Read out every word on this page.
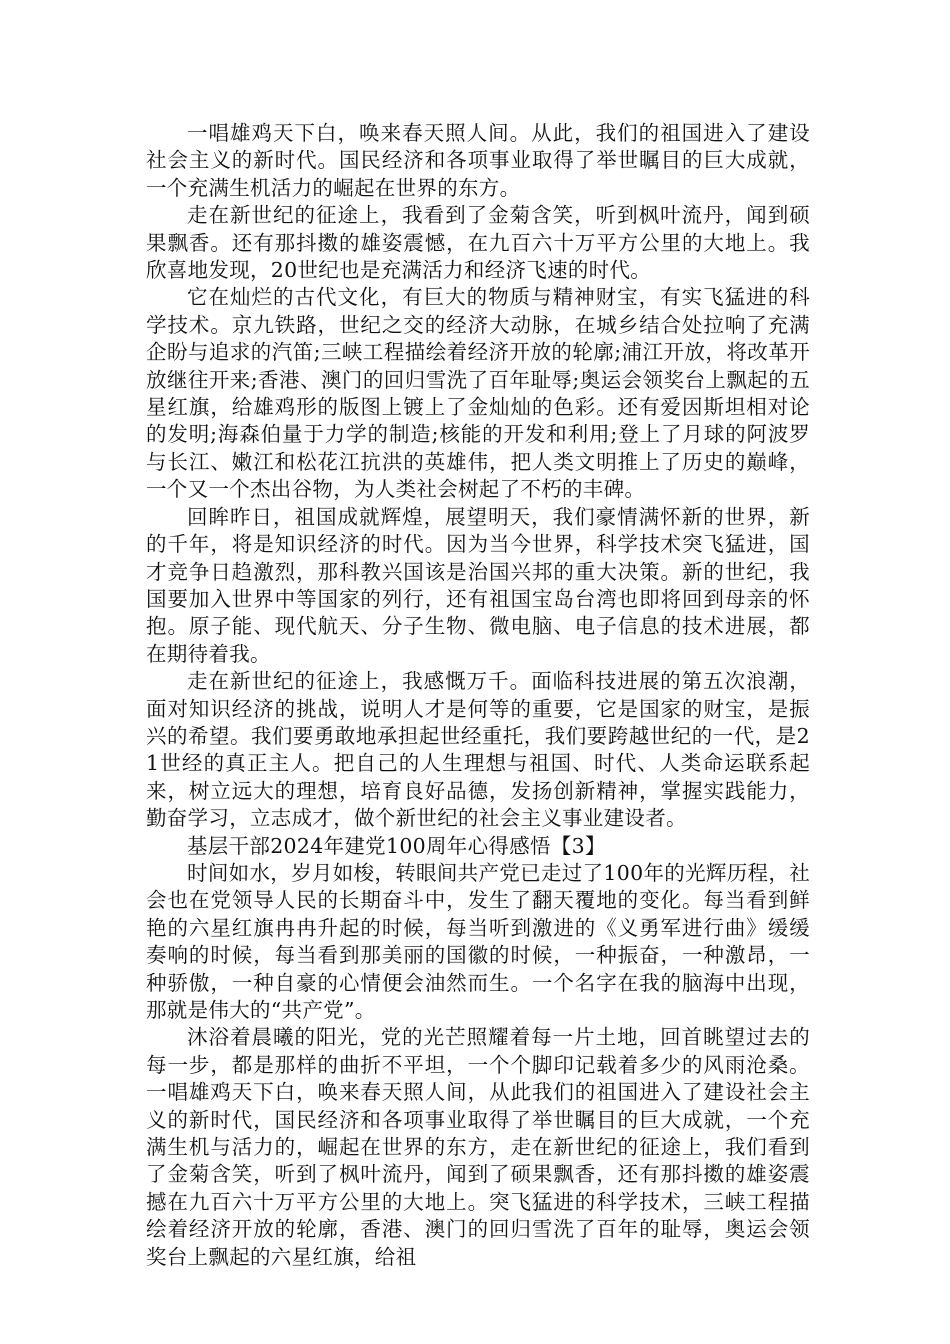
一唱雄鸡天下白，唤来春天照人间。从此，我们的祖国进入了建设社会主义的新时代。国民经济和各项事业取得了举世瞩目的巨大成就，一个充满生机活力的崛起在世界的东方。

走在新世纪的征途上，我看到了金菊含笑，听到枫叶流丹，闻到硕果飘香。还有那抖擞的雄姿震憾，在九百六十万平方公里的大地上。我欣喜地发现，20世纪也是充满活力和经济飞速的时代。

它在灿烂的古代文化，有巨大的物质与精神财宝，有实飞猛进的科学技术。京九铁路，世纪之交的经济大动脉，在城乡结合处拉响了充满企盼与追求的汽笛;三峡工程描绘着经济开放的轮廓;浦江开放，将改革开放继往开来;香港、澳门的回归雪洗了百年耻辱;奥运会领奖台上飘起的五星红旗，给雄鸡形的版图上镀上了金灿灿的色彩。还有爱因斯坦相对论的发明;海森伯量于力学的制造;核能的开发和利用;登上了月球的阿波罗与长江、嫩江和松花江抗洪的英雄伟，把人类文明推上了历史的巅峰，一个又一个杰出谷物，为人类社会树起了不朽的丰碑。

回眸昨日，祖国成就辉煌，展望明天，我们豪情满怀新的世界，新的千年，将是知识经济的时代。因为当今世界，科学技术突飞猛进，国才竞争日趋激烈，那科教兴国该是治国兴邦的重大决策。新的世纪，我国要加入世界中等国家的列行，还有祖国宝岛台湾也即将回到母亲的怀抱。原子能、现代航天、分子生物、微电脑、电子信息的技术进展，都在期待着我。

走在新世纪的征途上，我感慨万千。面临科技进展的第五次浪潮，面对知识经济的挑战，说明人才是何等的重要，它是国家的财宝，是振兴的希望。我们要勇敢地承担起世经重托，我们要跨越世纪的一代，是21世经的真正主人。把自己的人生理想与祖国、时代、人类命运联系起来，树立远大的理想，培育良好品德，发扬创新精神，掌握实践能力，勤奋学习，立志成才，做个新世纪的社会主义事业建设者。

基层干部2024年建党100周年心得感悟【3】

时间如水，岁月如梭，转眼间共产党已走过了100年的光辉历程，社会也在党领导人民的长期奋斗中，发生了翻天覆地的变化。每当看到鲜艳的六星红旗冉冉升起的时候，每当听到激进的《义勇军进行曲》缓缓奏响的时候，每当看到那美丽的国徽的时候，一种振奋，一种激昂，一种骄傲，一种自豪的心情便会油然而生。一个名字在我的脑海中出现，那就是伟大的“共产党”。

沐浴着晨曦的阳光，党的光芒照耀着每一片土地，回首眺望过去的每一步，都是那样的曲折不平坦，一个个脚印记载着多少的风雨沧桑。一唱雄鸡天下白，唤来春天照人间，从此我们的祖国进入了建设社会主义的新时代，国民经济和各项事业取得了举世瞩目的巨大成就，一个充满生机与活力的，崛起在世界的东方，走在新世纪的征途上，我们看到了金菊含笑，听到了枫叶流丹，闻到了硕果飘香，还有那抖擞的雄姿震撼在九百六十万平方公里的大地上。突飞猛进的科学技术，三峡工程描绘着经济开放的轮廓，香港、澳门的回归雪洗了百年的耻辱，奥运会领奖台上飘起的六星红旗，给祖
